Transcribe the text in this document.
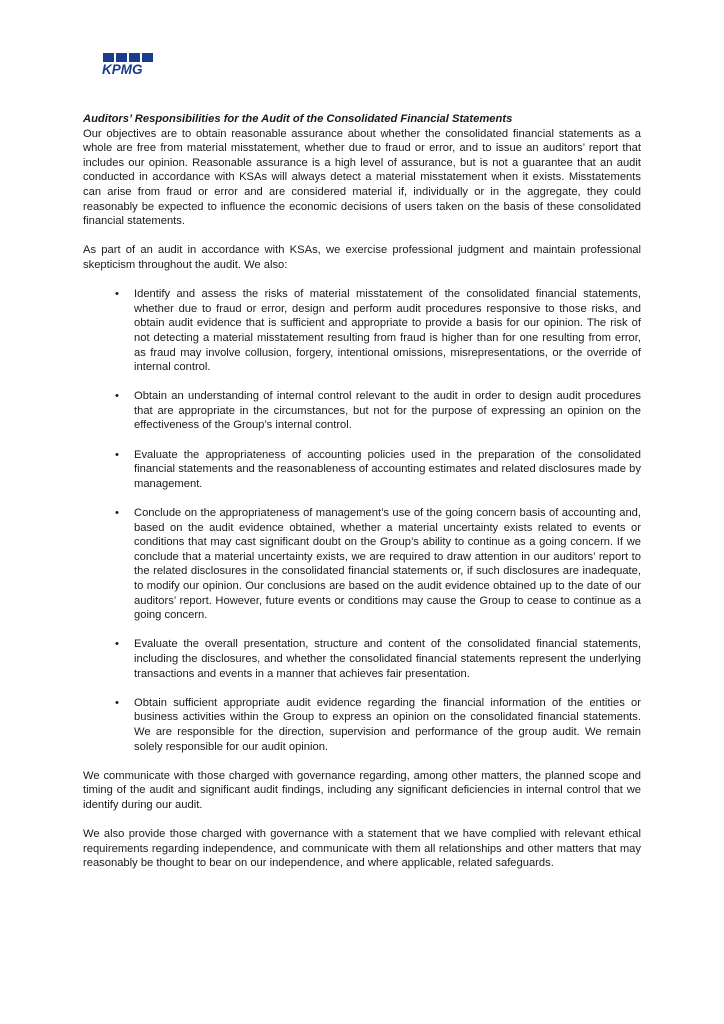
KPMG

Auditors’ Responsibilities for the Audit of the Consolidated Financial Statements

Our objectives are to obtain reasonable assurance about whether the consolidated financial statements as a whole are free from material misstatement, whether due to fraud or error, and to issue an auditors’ report that includes our opinion. Reasonable assurance is a high level of assurance, but is not a guarantee that an audit conducted in accordance with KSAs will always detect a material misstatement when it exists. Misstatements can arise from fraud or error and are considered material if, individually or in the aggregate, they could reasonably be expected to influence the economic decisions of users taken on the basis of these consolidated financial statements.

As part of an audit in accordance with KSAs, we exercise professional judgment and maintain professional skepticism throughout the audit. We also:

•	Identify and assess the risks of material misstatement of the consolidated financial statements, whether due to fraud or error, design and perform audit procedures responsive to those risks, and obtain audit evidence that is sufficient and appropriate to provide a basis for our opinion. The risk of not detecting a material misstatement resulting from fraud is higher than for one resulting from error, as fraud may involve collusion, forgery, intentional omissions, misrepresentations, or the override of internal control.
•	Obtain an understanding of internal control relevant to the audit in order to design audit procedures that are appropriate in the circumstances, but not for the purpose of expressing an opinion on the effectiveness of the Group’s internal control.
•	Evaluate the appropriateness of accounting policies used in the preparation of the consolidated financial statements and the reasonableness of accounting estimates and related disclosures made by management.
•	Conclude on the appropriateness of management’s use of the going concern basis of accounting and, based on the audit evidence obtained, whether a material uncertainty exists related to events or conditions that may cast significant doubt on the Group’s ability to continue as a going concern. If we conclude that a material uncertainty exists, we are required to draw attention in our auditors’ report to the related disclosures in the consolidated financial statements or, if such disclosures are inadequate, to modify our opinion. Our conclusions are based on the audit evidence obtained up to the date of our auditors’ report. However, future events or conditions may cause the Group to cease to continue as a going concern.
•	Evaluate the overall presentation, structure and content of the consolidated financial statements, including the disclosures, and whether the consolidated financial statements represent the underlying transactions and events in a manner that achieves fair presentation.
•	Obtain sufficient appropriate audit evidence regarding the financial information of the entities or business activities within the Group to express an opinion on the consolidated financial statements. We are responsible for the direction, supervision and performance of the group audit. We remain solely responsible for our audit opinion.

We communicate with those charged with governance regarding, among other matters, the planned scope and timing of the audit and significant audit findings, including any significant deficiencies in internal control that we identify during our audit.

We also provide those charged with governance with a statement that we have complied with relevant ethical requirements regarding independence, and communicate with them all relationships and other matters that may reasonably be thought to bear on our independence, and where applicable, related safeguards.
